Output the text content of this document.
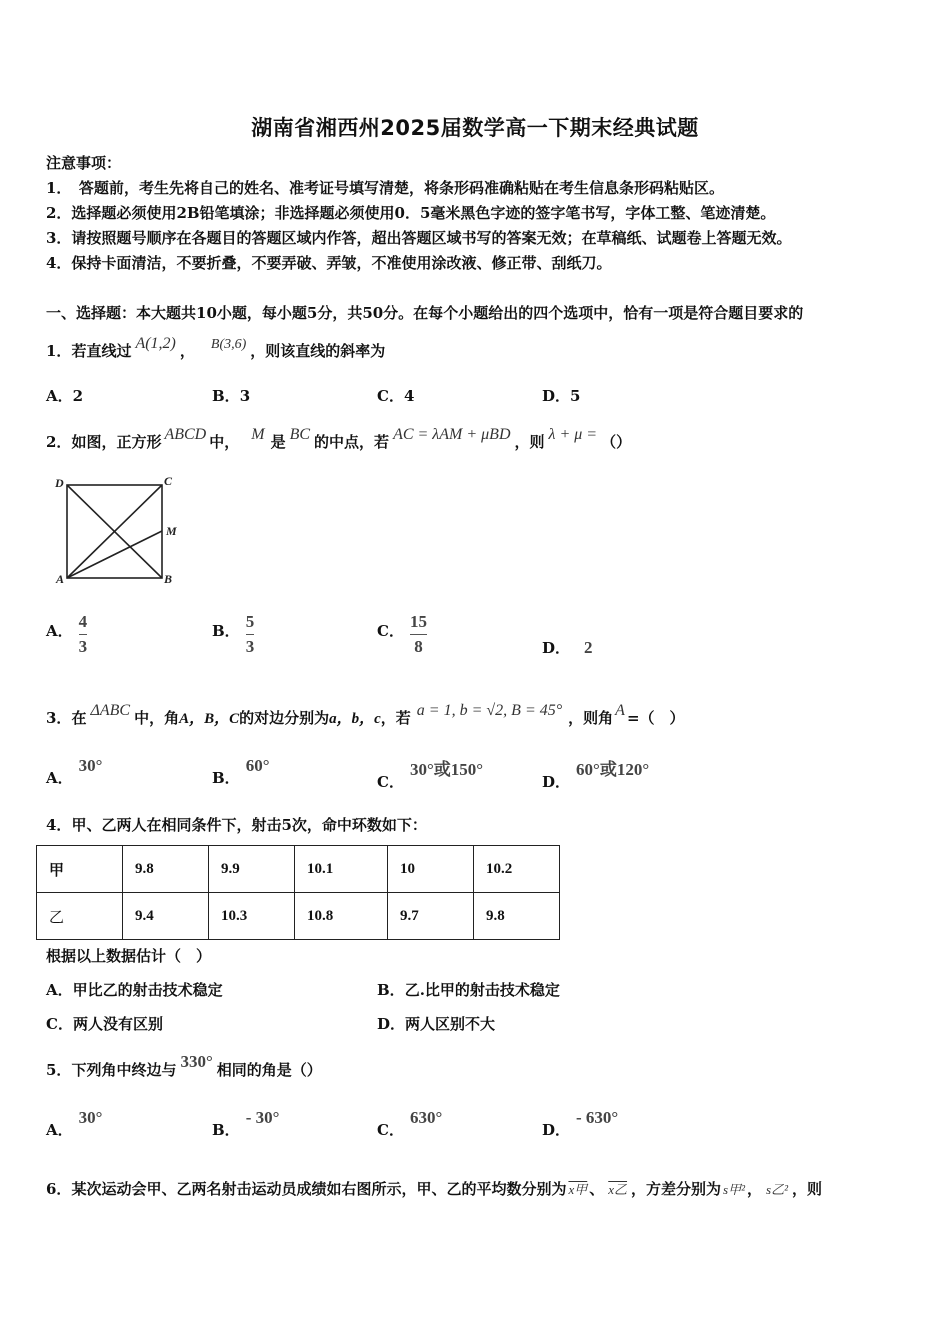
湖南省湘西州2025届数学高一下期末经典试题
注意事项：
1．　答题前，考生先将自己的姓名、准考证号填写清楚，将条形码准确粘贴在考生信息条形码粘贴区。
2．选择题必须使用2B铅笔填涂；非选择题必须使用0．5毫米黑色字迹的签字笔书写，字体工整、笔迹清楚。
3．请按照题号顺序在各题目的答题区域内作答，超出答题区域书写的答案无效；在草稿纸、试题卷上答题无效。
4．保持卡面清洁，不要折叠，不要弄破、弄皱，不准使用涂改液、修正带、刮纸刀。
一、选择题：本大题共10小题，每小题5分，共50分。在每个小题给出的四个选项中，恰有一项是符合题目要求的
1．若直线过 A(1,2) ， B(3,6) ，则该直线的斜率为
A．2	B．3	C．4	D．5
2．如图，正方形 ABCD 中， M 是 BC 的中点，若 AC = λAM + μBD ，则 λ + μ = （）
D	C
M
A	B
A． $\frac{4}{3}$	B． $\frac{5}{3}$	C． $\frac{15}{8}$	D． 2
3．在 ΔABC 中，角A，B，C的对边分别为a，b，c，若 a = 1, b = √2, B = 45° ，则角 A =（　）
A．30°
B．60°
C．30°或150°
D．60°或120°
4．甲、乙两人在相同条件下，射击5次，命中环数如下：
甲	9.8	9.9	10.1	10	10.2
乙	9.4	10.3	10.8	9.7	9.8
根据以上数据估计（　）
A．甲比乙的射击技术稳定	B．乙.比甲的射击技术稳定
C．两人没有区别	D．两人区别不大
5．下列角中终边与 330° 相同的角是（）
A．30°
B．- 30°
C．630°
D．- 630°
6．某次运动会甲、乙两名射击运动员成绩如右图所示，甲、乙的平均数分别为 x甲 、 x乙 ，方差分别为 s甲² ， s乙² ，则
